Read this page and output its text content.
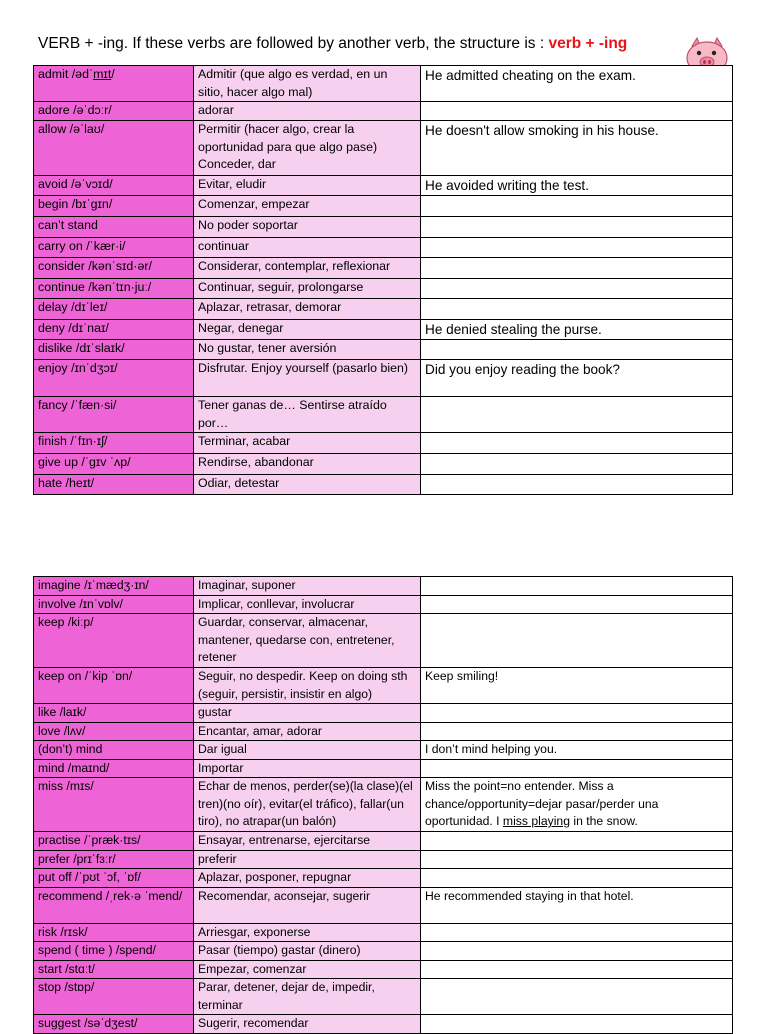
VERB + -ing. If these verbs are followed by another verb, the structure is : verb + -ing
admit /ədˈmɪt/	Admitir (que algo es verdad, en un sitio, hacer algo mal)	He admitted cheating on the exam.
adore /əˈdɔːr/	adorar	
allow /əˈlaʊ/	Permitir (hacer algo, crear la oportunidad para que algo pase) Conceder, dar	He doesn't allow smoking in his house.
avoid /əˈvɔɪd/	Evitar, eludir	He avoided writing the test.
begin /bɪˈɡɪn/	Comenzar, empezar	
can’t stand	No poder soportar	
carry on /ˈkær·i/	continuar	
consider /kənˈsɪd·ər/	Considerar, contemplar, reflexionar	
continue /kənˈtɪn·juː/	Continuar, seguir, prolongarse	
delay /dɪˈleɪ/	Aplazar, retrasar, demorar	
deny /dɪˈnaɪ/	Negar, denegar	He denied stealing the purse.
dislike /dɪˈslaɪk/	No gustar, tener aversión	
enjoy /ɪnˈdʒɔɪ/	Disfrutar. Enjoy yourself (pasarlo bien)	Did you enjoy reading the book?
fancy /ˈfæn·si/	Tener ganas de… Sentirse atraído por…	
finish /ˈfɪn·ɪʃ/	Terminar, acabar	
give up /ˈɡɪv ˈʌp/	Rendirse, abandonar	
hate /heɪt/	Odiar, detestar	
imagine /ɪˈmædʒ·ɪn/	Imaginar, suponer	
involve /ɪnˈvɒlv/	Implicar, conllevar, involucrar	
keep /kiːp/	Guardar, conservar, almacenar, mantener, quedarse con, entretener, retener	
keep on /ˈkip ˈɒn/	Seguir, no despedir. Keep on doing sth (seguir, persistir, insistir en algo)	Keep smiling!
like /laɪk/	gustar	
love /lʌv/	Encantar, amar, adorar	
(don’t) mind	Dar igual	I don’t mind helping you.
mind /maɪnd/	Importar	
miss /mɪs/	Echar de menos, perder(se)(la clase)(el tren)(no oír), evitar(el tráfico), fallar(un tiro), no atrapar(un balón)	Miss the point=no entender. Miss a chance/opportunity=dejar pasar/perder una oportunidad. I miss playing in the snow.
practise /ˈpræk·tɪs/	Ensayar, entrenarse, ejercitarse	
prefer /prɪˈfɜːr/	preferir	
put off /ˈpʊt ˈɔf, ˈɒf/	Aplazar, posponer, repugnar	
recommend /ˌrek·ə ˈmend/	Recomendar, aconsejar, sugerir	He recommended staying in that hotel.
risk /rɪsk/	Arriesgar, exponerse	
spend ( time ) /spend/	Pasar (tiempo) gastar (dinero)	
start /stɑːt/	Empezar, comenzar	
stop /stɒp/	Parar, detener, dejar de, impedir, terminar	
suggest /səˈdʒest/	Sugerir, recomendar	
